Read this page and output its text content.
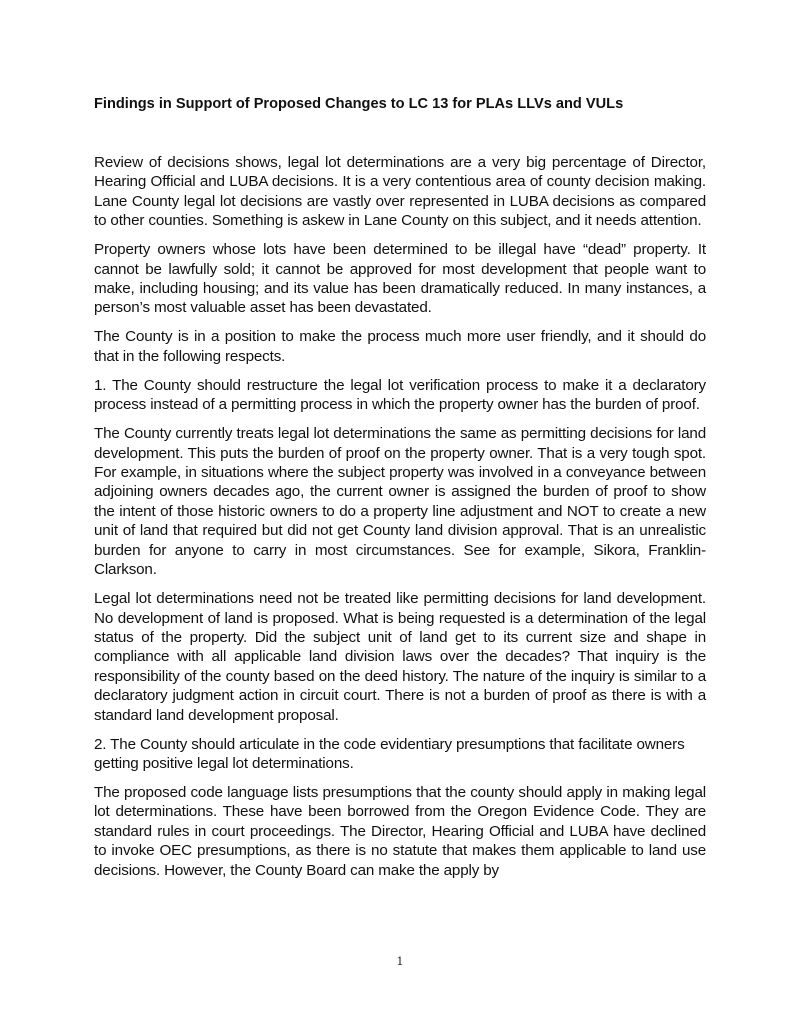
Findings in Support of Proposed Changes to LC 13 for PLAs LLVs and VULs

Review of decisions shows, legal lot determinations are a very big percentage of Director, Hearing Official and LUBA decisions. It is a very contentious area of county decision making. Lane County legal lot decisions are vastly over represented in LUBA decisions as compared to other counties. Something is askew in Lane County on this subject, and it needs attention.

Property owners whose lots have been determined to be illegal have “dead” property. It cannot be lawfully sold; it cannot be approved for most development that people want to make, including housing; and its value has been dramatically reduced. In many instances, a person’s most valuable asset has been devastated.

The County is in a position to make the process much more user friendly, and it should do that in the following respects.

1. The County should restructure the legal lot verification process to make it a declaratory process instead of a permitting process in which the property owner has the burden of proof.

The County currently treats legal lot determinations the same as permitting decisions for land development. This puts the burden of proof on the property owner. That is a very tough spot. For example, in situations where the subject property was involved in a conveyance between adjoining owners decades ago, the current owner is assigned the burden of proof to show the intent of those historic owners to do a property line adjustment and NOT to create a new unit of land that required but did not get County land division approval. That is an unrealistic burden for anyone to carry in most circumstances. See for example, Sikora, Franklin-Clarkson.

Legal lot determinations need not be treated like permitting decisions for land development. No development of land is proposed. What is being requested is a determination of the legal status of the property. Did the subject unit of land get to its current size and shape in compliance with all applicable land division laws over the decades? That inquiry is the responsibility of the county based on the deed history. The nature of the inquiry is similar to a declaratory judgment action in circuit court. There is not a burden of proof as there is with a standard land development proposal.

2. The County should articulate in the code evidentiary presumptions that facilitate owners getting positive legal lot determinations.

The proposed code language lists presumptions that the county should apply in making legal lot determinations. These have been borrowed from the Oregon Evidence Code. They are standard rules in court proceedings. The Director, Hearing Official and LUBA have declined to invoke OEC presumptions, as there is no statute that makes them applicable to land use decisions. However, the County Board can make the apply by

1
